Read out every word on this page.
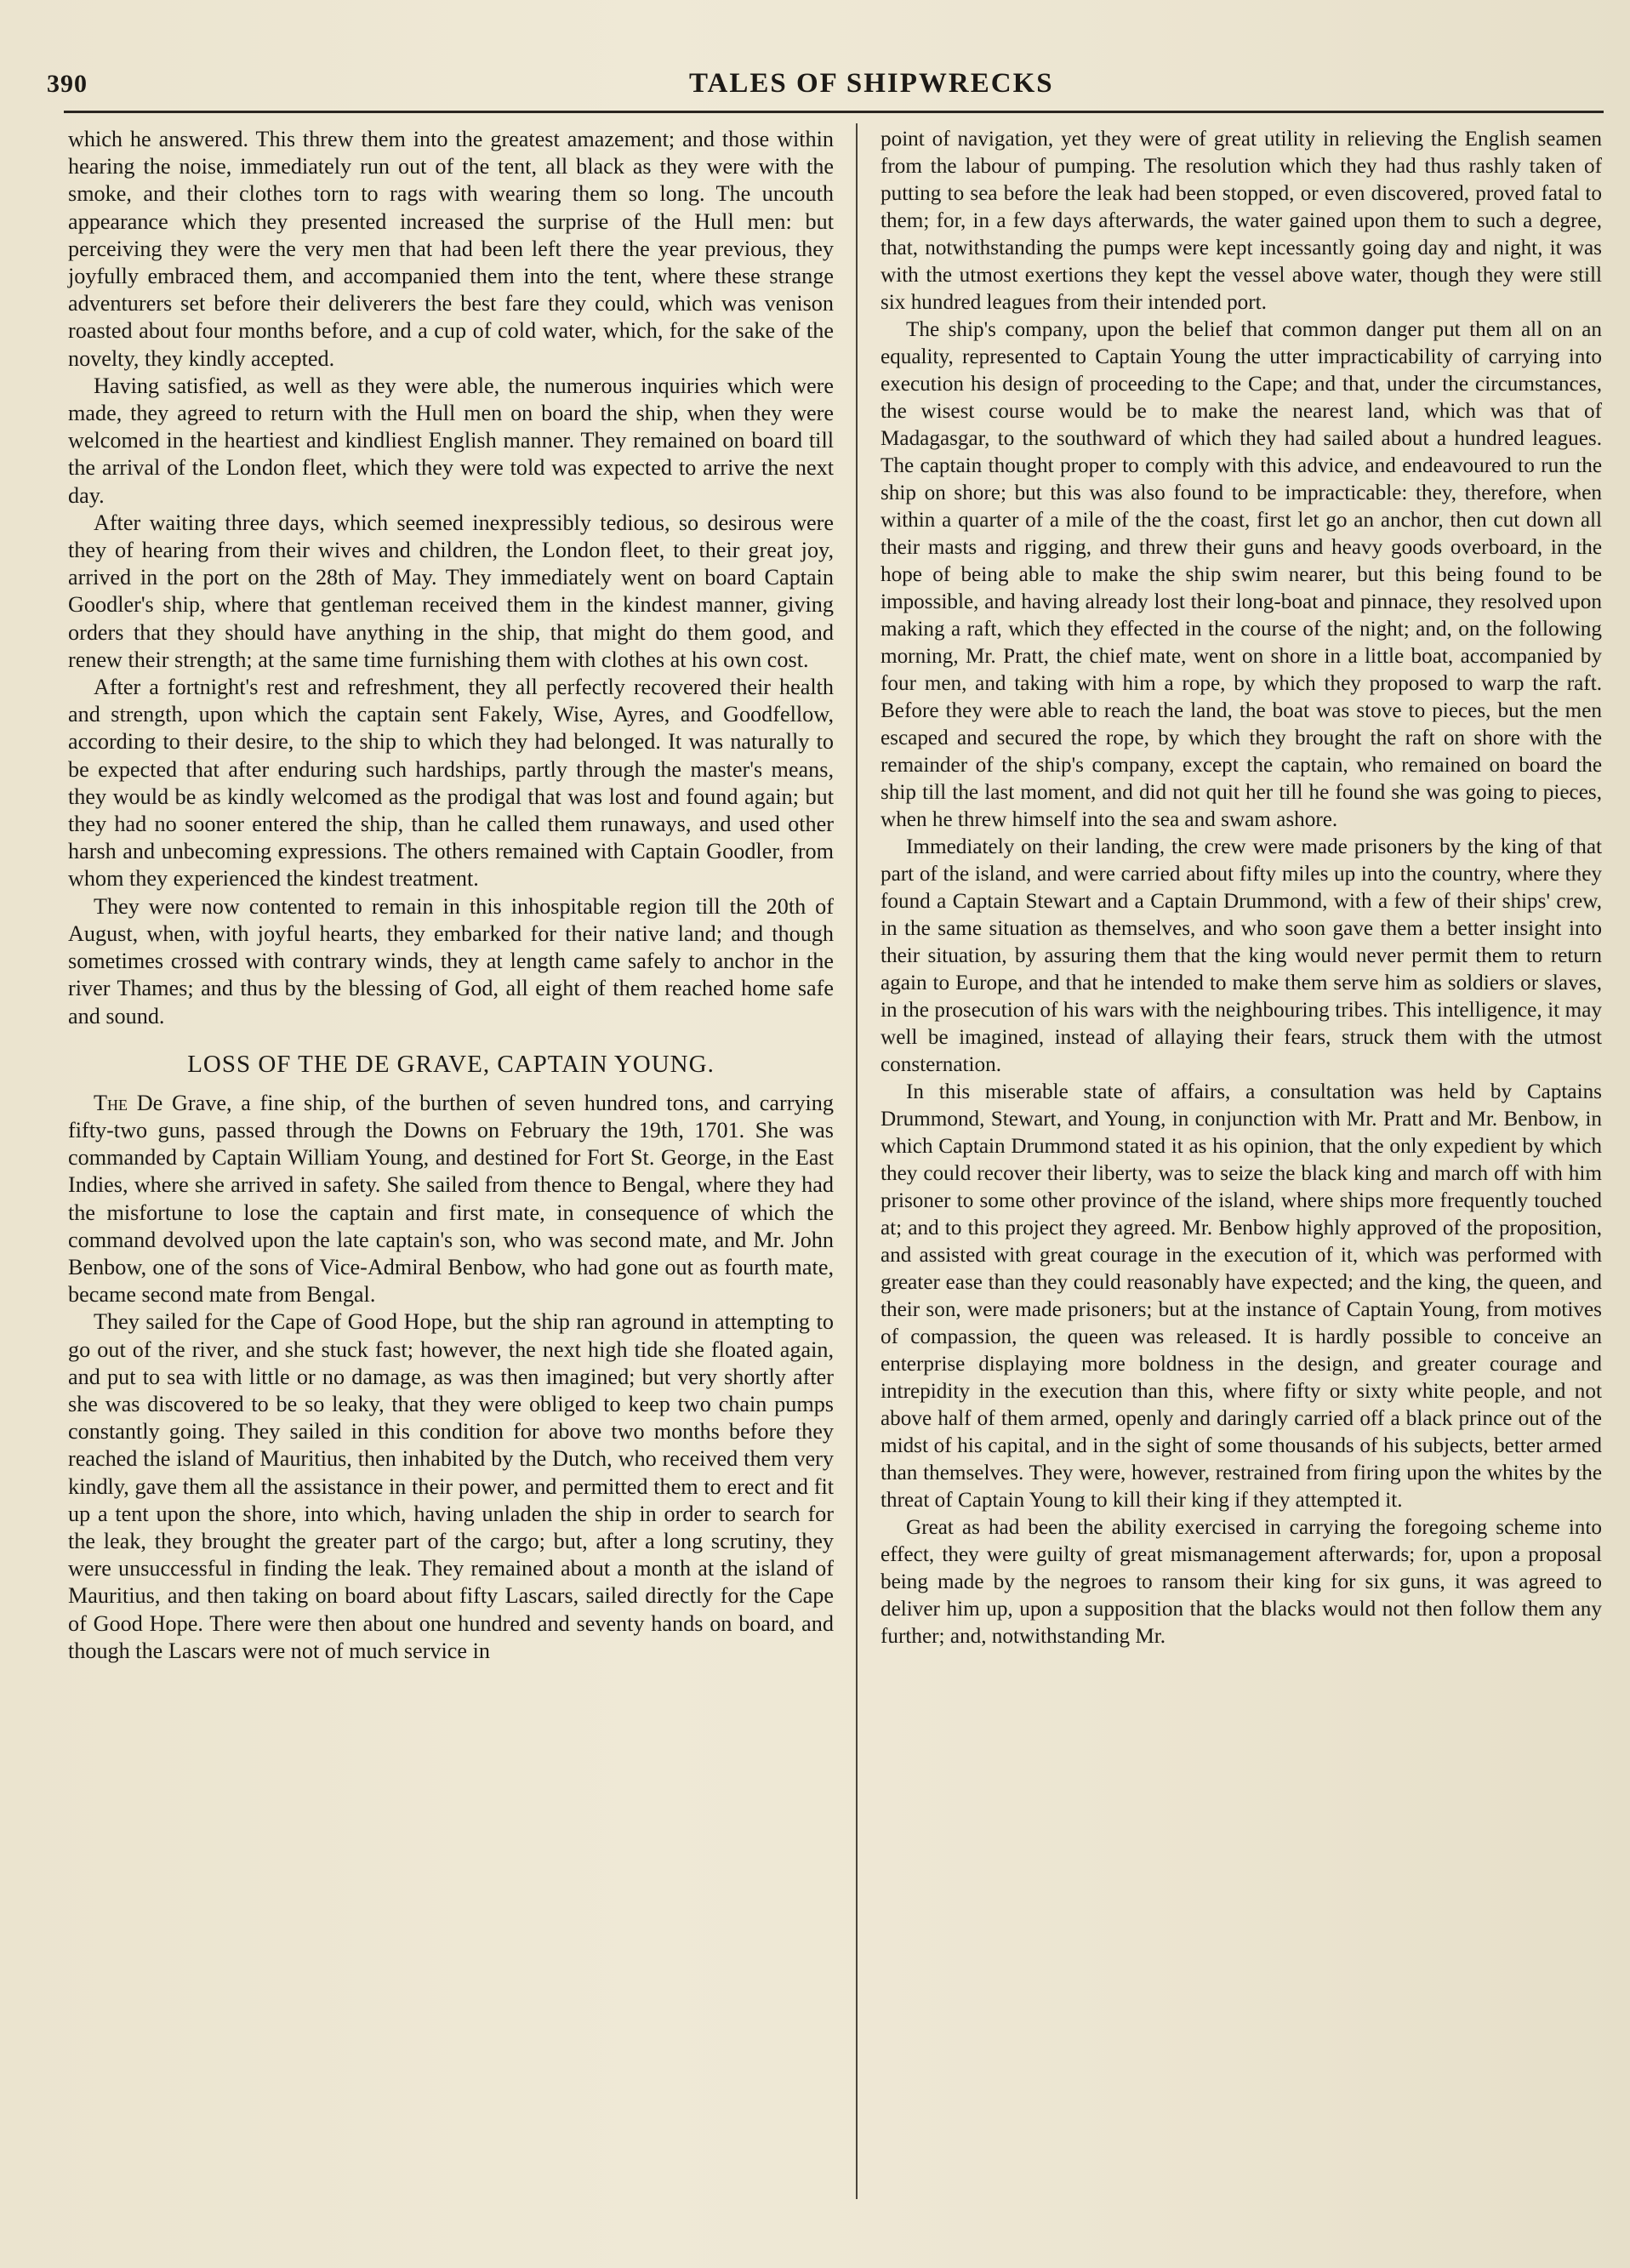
390	TALES OF SHIPWRECKS

which he answered. This threw them into the greatest amazement; and those within hearing the noise, immediately run out of the tent, all black as they were with the smoke, and their clothes torn to rags with wearing them so long. The uncouth appearance which they presented increased the surprise of the Hull men: but perceiving they were the very men that had been left there the year previous, they joyfully embraced them, and accompanied them into the tent, where these strange adventurers set before their deliverers the best fare they could, which was venison roasted about four months before, and a cup of cold water, which, for the sake of the novelty, they kindly accepted.

Having satisfied, as well as they were able, the numerous inquiries which were made, they agreed to return with the Hull men on board the ship, when they were welcomed in the heartiest and kindliest English manner. They remained on board till the arrival of the London fleet, which they were told was expected to arrive the next day.

After waiting three days, which seemed inexpressibly tedious, so desirous were they of hearing from their wives and children, the London fleet, to their great joy, arrived in the port on the 28th of May. They immediately went on board Captain Goodler's ship, where that gentleman received them in the kindest manner, giving orders that they should have anything in the ship, that might do them good, and renew their strength; at the same time furnishing them with clothes at his own cost.

After a fortnight's rest and refreshment, they all perfectly recovered their health and strength, upon which the captain sent Fakely, Wise, Ayres, and Goodfellow, according to their desire, to the ship to which they had belonged. It was naturally to be expected that after enduring such hardships, partly through the master's means, they would be as kindly welcomed as the prodigal that was lost and found again; but they had no sooner entered the ship, than he called them runaways, and used other harsh and unbecoming expressions. The others remained with Captain Goodler, from whom they experienced the kindest treatment.

They were now contented to remain in this inhospitable region till the 20th of August, when, with joyful hearts, they embarked for their native land; and though sometimes crossed with contrary winds, they at length came safely to anchor in the river Thames; and thus by the blessing of God, all eight of them reached home safe and sound.

LOSS OF THE DE GRAVE, CAPTAIN YOUNG.

The De Grave, a fine ship, of the burthen of seven hundred tons, and carrying fifty-two guns, passed through the Downs on February the 19th, 1701. She was commanded by Captain William Young, and destined for Fort St. George, in the East Indies, where she arrived in safety. She sailed from thence to Bengal, where they had the misfortune to lose the captain and first mate, in consequence of which the command devolved upon the late captain's son, who was second mate, and Mr. John Benbow, one of the sons of Vice-Admiral Benbow, who had gone out as fourth mate, became second mate from Bengal.

They sailed for the Cape of Good Hope, but the ship ran aground in attempting to go out of the river, and she stuck fast; however, the next high tide she floated again, and put to sea with little or no damage, as was then imagined; but very shortly after she was discovered to be so leaky, that they were obliged to keep two chain pumps constantly going. They sailed in this condition for above two months before they reached the island of Mauritius, then inhabited by the Dutch, who received them very kindly, gave them all the assistance in their power, and permitted them to erect and fit up a tent upon the shore, into which, having unladen the ship in order to search for the leak, they brought the greater part of the cargo; but, after a long scrutiny, they were unsuccessful in finding the leak. They remained about a month at the island of Mauritius, and then taking on board about fifty Lascars, sailed directly for the Cape of Good Hope. There were then about one hundred and seventy hands on board, and though the Lascars were not of much service in

point of navigation, yet they were of great utility in relieving the English seamen from the labour of pumping. The resolution which they had thus rashly taken of putting to sea before the leak had been stopped, or even discovered, proved fatal to them; for, in a few days afterwards, the water gained upon them to such a degree, that, notwithstanding the pumps were kept incessantly going day and night, it was with the utmost exertions they kept the vessel above water, though they were still six hundred leagues from their intended port.

The ship's company, upon the belief that common danger put them all on an equality, represented to Captain Young the utter impracticability of carrying into execution his design of proceeding to the Cape; and that, under the circumstances, the wisest course would be to make the nearest land, which was that of Madagasgar, to the southward of which they had sailed about a hundred leagues. The captain thought proper to comply with this advice, and endeavoured to run the ship on shore; but this was also found to be impracticable: they, therefore, when within a quarter of a mile of the the coast, first let go an anchor, then cut down all their masts and rigging, and threw their guns and heavy goods overboard, in the hope of being able to make the ship swim nearer, but this being found to be impossible, and having already lost their long-boat and pinnace, they resolved upon making a raft, which they effected in the course of the night; and, on the following morning, Mr. Pratt, the chief mate, went on shore in a little boat, accompanied by four men, and taking with him a rope, by which they proposed to warp the raft. Before they were able to reach the land, the boat was stove to pieces, but the men escaped and secured the rope, by which they brought the raft on shore with the remainder of the ship's company, except the captain, who remained on board the ship till the last moment, and did not quit her till he found she was going to pieces, when he threw himself into the sea and swam ashore.

Immediately on their landing, the crew were made prisoners by the king of that part of the island, and were carried about fifty miles up into the country, where they found a Captain Stewart and a Captain Drummond, with a few of their ships' crew, in the same situation as themselves, and who soon gave them a better insight into their situation, by assuring them that the king would never permit them to return again to Europe, and that he intended to make them serve him as soldiers or slaves, in the prosecution of his wars with the neighbouring tribes. This intelligence, it may well be imagined, instead of allaying their fears, struck them with the utmost consternation.

In this miserable state of affairs, a consultation was held by Captains Drummond, Stewart, and Young, in conjunction with Mr. Pratt and Mr. Benbow, in which Captain Drummond stated it as his opinion, that the only expedient by which they could recover their liberty, was to seize the black king and march off with him prisoner to some other province of the island, where ships more frequently touched at; and to this project they agreed. Mr. Benbow highly approved of the proposition, and assisted with great courage in the execution of it, which was performed with greater ease than they could reasonably have expected; and the king, the queen, and their son, were made prisoners; but at the instance of Captain Young, from motives of compassion, the queen was released. It is hardly possible to conceive an enterprise displaying more boldness in the design, and greater courage and intrepidity in the execution than this, where fifty or sixty white people, and not above half of them armed, openly and daringly carried off a black prince out of the midst of his capital, and in the sight of some thousands of his subjects, better armed than themselves. They were, however, restrained from firing upon the whites by the threat of Captain Young to kill their king if they attempted it.

Great as had been the ability exercised in carrying the foregoing scheme into effect, they were guilty of great mismanagement afterwards; for, upon a proposal being made by the negroes to ransom their king for six guns, it was agreed to deliver him up, upon a supposition that the blacks would not then follow them any further; and, notwithstanding Mr.
